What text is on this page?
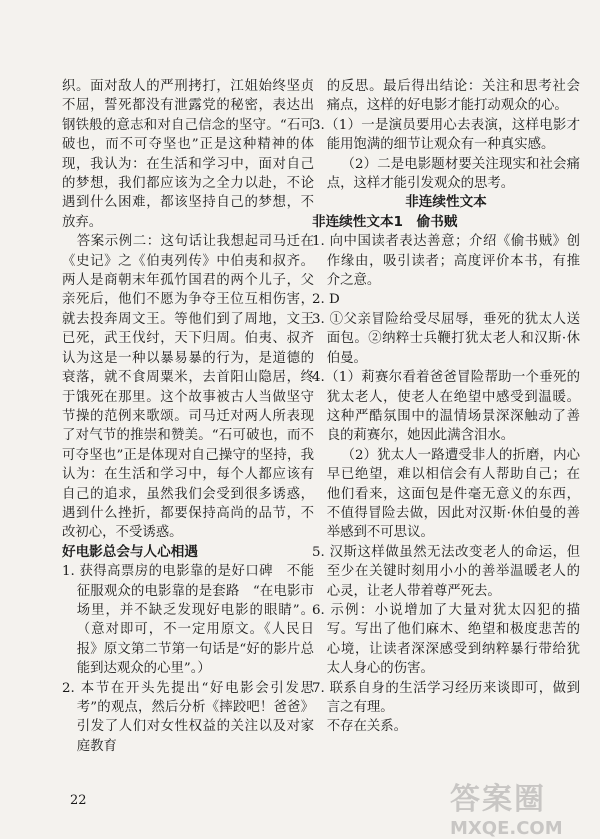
织。面对敌人的严刑拷打，江姐始终坚贞不屈，誓死都没有泄露党的秘密，表达出钢铁般的意志和对自己信念的坚守。“石可破也，而不可夺坚也”正是这种精神的体现，我认为：在生活和学习中，面对自己的梦想，我们都应该为之全力以赴，不论遇到什么困难，都该坚持自己的梦想，不放弃。

答案示例二：这句话让我想起司马迁在《史记》之《伯夷列传》中伯夷和叔齐。两人是商朝末年孤竹国君的两个儿子，父亲死后，他们不愿为争夺王位互相伤害，就去投奔周文王。等他们到了周地，文王已死，武王伐纣，天下归周。伯夷、叔齐认为这是一种以暴易暴的行为，是道德的衰落，就不食周粟米，去首阳山隐居，终于饿死在那里。这个故事被古人当做坚守节操的范例来歌颂。司马迁对两人所表现了对气节的推崇和赞美。“石可破也，而不可夺坚也”正是体现对自己操守的坚持，我认为：在生活和学习中，每个人都应该有自己的追求，虽然我们会受到很多诱惑，遇到什么挫折，都要保持高尚的品节，不改初心，不受诱惑。

好电影总会与人心相遇

1. 获得高票房的电影靠的是好口碑　不能征服观众的电影靠的是套路　“在电影市场里，并不缺乏发现好电影的眼睛”。（意对即可，不一定用原文。《人民日报》原文第二节第一句话是“好的影片总能到达观众的心里”。）

2. 本节在开头先提出“好电影会引发思考”的观点，然后分析《摔跤吧！爸爸》引发了人们对女性权益的关注以及对家庭教育

的反思。最后得出结论：关注和思考社会痛点，这样的好电影才能打动观众的心。

3.（1）一是演员要用心去表演，这样电影才能用饱满的细节让观众有一种真实感。

（2）二是电影题材要关注现实和社会痛点，这样才能引发观众的思考。

非连续性文本

非连续性文本1　偷书贼

1. 向中国读者表达善意；介绍《偷书贼》创作缘由，吸引读者；高度评价本书，有推介之意。

2. D

3. ①父亲冒险给受尽屈辱，垂死的犹太人送面包。②纳粹士兵鞭打犹太老人和汉斯·休伯曼。

4.（1）莉赛尔看着爸爸冒险帮助一个垂死的犹太老人，使老人在绝望中感受到温暖。这种严酷氛围中的温情场景深深触动了善良的莉赛尔，她因此满含泪水。

（2）犹太人一路遭受非人的折磨，内心早已绝望，难以相信会有人帮助自己；在他们看来，这面包是件毫无意义的东西，不值得冒险去做，因此对汉斯·休伯曼的善举感到不可思议。

5. 汉斯这样做虽然无法改变老人的命运，但至少在关键时刻用小小的善举温暖老人的心灵，让老人带着尊严死去。

6. 示例：小说增加了大量对犹太囚犯的描写。写出了他们麻木、绝望和极度悲苦的心境，让读者深深感受到纳粹暴行带给犹太人身心的伤害。

7. 联系自身的生活学习经历来谈即可，做到言之有理。

不存在关系。

22	答案圈
MXQE.COM
